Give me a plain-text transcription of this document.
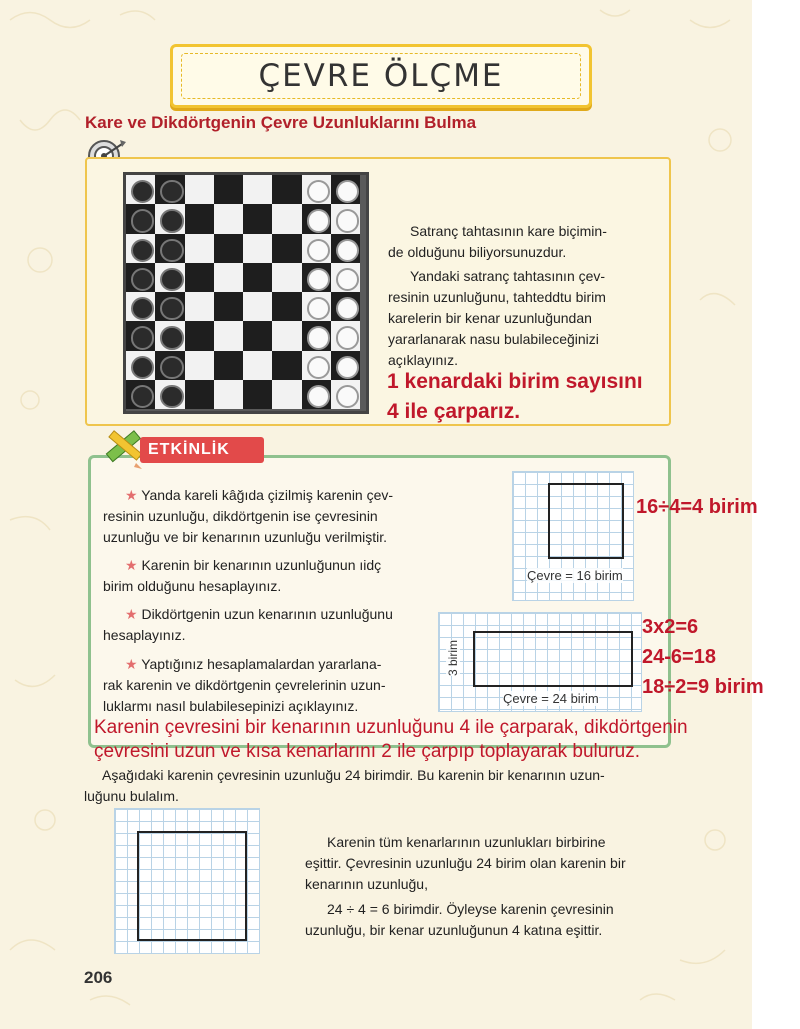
ÇEVRE ÖLÇME
Kare ve Dikdörtgenin Çevre Uzunluklarını Bulma
Satranç tahtasının kare biçimin-
de olduğunu biliyorsunuzdur.
Yandaki satranç tahtasının çev-
resinin uzunluğunu, tahteddtu birim
karelerin bir kenar uzunluğundan
yararlanarak nasu bulabileceğinizi
açıklayınız.
1 kenardaki birim sayısını
4 ile çarparız.
ETKİNLİK
★ Yanda kareli kâğıda çizilmiş karenin çev-
resinin uzunluğu, dikdörtgenin ise çevresinin
uzunluğu ve bir kenarının uzunluğu verilmiştir.
★ Karenin bir kenarının uzunluğunun ıidç
birim olduğunu hesaplayınız.
★ Dikdörtgenin uzun kenarının uzunluğunu
hesaplayınız.
★ Yaptığınız hesaplamalardan yararlana-
rak karenin ve dikdörtgenin çevrelerinin uzun-
luklarmı nasıl bulabilesepinizi açıklayınız.
Çevre = 16 birim
16÷4=4 birim
Çevre = 24 birim
3 birim
3x2=6
24-6=18
18÷2=9 birim
Karenin çevresini bir kenarının uzunluğunu 4 ile çarparak, dikdörtgenin
çevresini uzun ve kısa kenarlarını 2 ile çarpıp toplayarak buluruz.
Aşağıdaki karenin çevresinin uzunluğu 24 birimdir. Bu karenin bir kenarının uzun-
luğunu bulalım.
Karenin tüm kenarlarının uzunlukları birbirine
eşittir. Çevresinin uzunluğu 24 birim olan karenin bir
kenarının uzunluğu,
24 ÷ 4 = 6 birimdir. Öyleyse karenin çevresinin
uzunluğu, bir kenar uzunluğunun 4 katına eşittir.
206
